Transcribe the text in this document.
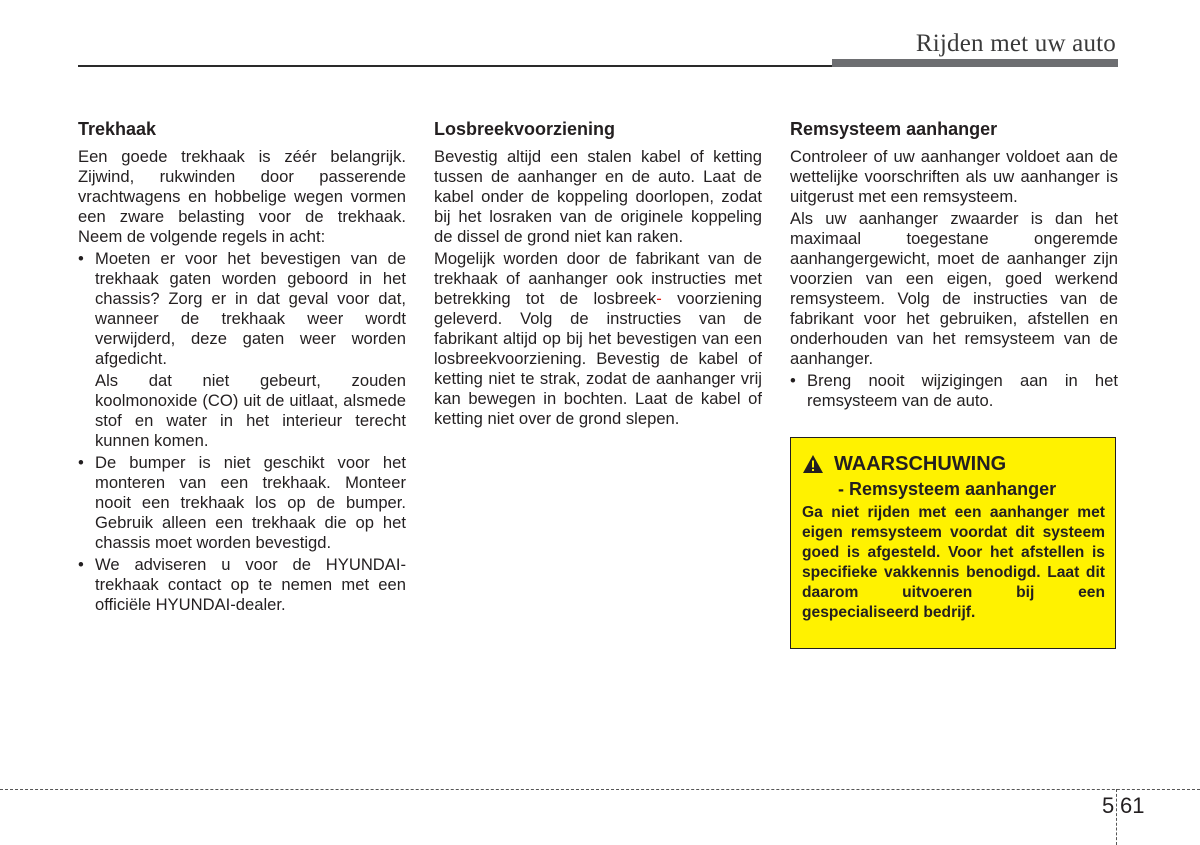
Rijden met uw auto
Trekhaak

Een goede trekhaak is zéér belangrijk. Zijwind, rukwinden door passerende vrachtwagens en hobbelige wegen vormen een zware belasting voor de trekhaak. Neem de volgende regels in acht:

• Moeten er voor het bevestigen van de trekhaak gaten worden geboord in het chassis? Zorg er in dat geval voor dat, wanneer de trekhaak weer wordt verwijderd, deze gaten weer worden afgedicht.

Als dat niet gebeurt, zouden koolmonoxide (CO) uit de uitlaat, alsmede stof en water in het interieur terecht kunnen komen.

• De bumper is niet geschikt voor het monteren van een trekhaak. Monteer nooit een trekhaak los op de bumper. Gebruik alleen een trekhaak die op het chassis moet worden bevestigd.
• We adviseren u voor de HYUNDAI-trekhaak contact op te nemen met een officiële HYUNDAI-dealer.
Losbreekvoorziening

Bevestig altijd een stalen kabel of ketting tussen de aanhanger en de auto. Laat de kabel onder de koppeling doorlopen, zodat bij het losraken van de originele koppeling de dissel de grond niet kan raken.

Mogelijk worden door de fabrikant van de trekhaak of aanhanger ook instructies met betrekking tot de losbreek- voorziening geleverd. Volg de instructies van de fabrikant altijd op bij het bevestigen van een losbreekvoorziening. Bevestig de kabel of ketting niet te strak, zodat de aanhanger vrij kan bewegen in bochten. Laat de kabel of ketting niet over de grond slepen.

Remsysteem aanhanger

Controleer of uw aanhanger voldoet aan de wettelijke voorschriften als uw aanhanger is uitgerust met een remsysteem.

Als uw aanhanger zwaarder is dan het maximaal toegestane ongeremde aanhangergewicht, moet de aanhanger zijn voorzien van een eigen, goed werkend remsysteem. Volg de instructies van de fabrikant voor het gebruiken, afstellen en onderhouden van het remsysteem van de aanhanger.

• Breng nooit wijzigingen aan in het remsysteem van de auto.
WAARSCHUWING
- Remsysteem aanhanger

Ga niet rijden met een aanhanger met eigen remsysteem voordat dit systeem goed is afgesteld. Voor het afstellen is specifieke vakkennis benodigd. Laat dit daarom uitvoeren bij een gespecialiseerd bedrijf.

5 61
